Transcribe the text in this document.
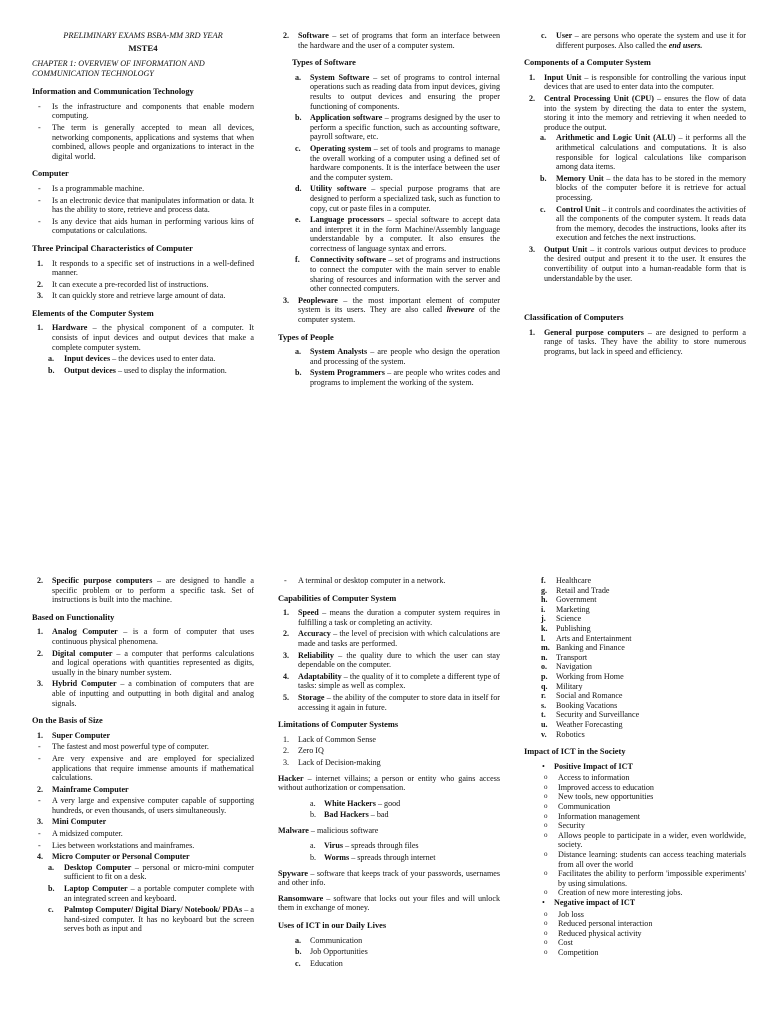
PRELIMINARY EXAMS BSBA-MM 3RD YEAR
MSTE4
CHAPTER 1: OVERVIEW OF INFORMATION AND COMMUNICATION TECHNOLOGY
Information and Communication Technology
- Is the infrastructure and components that enable modern computing.
- The term is generally accepted to mean all devices, networking components, applications and systems that when combined, allows people and organizations to interact in the digital world.
Computer
- Is a programmable machine.
- Is an electronic device that manipulates information or data. It has the ability to store, retrieve and process data.
- Is any device that aids human in performing various kins of computations or calculations.
Three Principal Characteristics of Computer
1. It responds to a specific set of instructions in a well-defined manner.
2. It can execute a pre-recorded list of instructions.
3. It can quickly store and retrieve large amount of data.
Elements of the Computer System
1. Hardware – the physical component of a computer. It consists of input devices and output devices that make a complete computer system.
a. Input devices – the devices used to enter data.
b. Output devices – used to display the information.
2. Software – set of programs that form an interface between the hardware and the user of a computer system.
Types of Software
a. System Software – set of programs to control internal operations such as reading data from input devices, giving results to output devices and ensuring the proper functioning of components.
b. Application software – programs designed by the user to perform a specific function, such as accounting software, payroll software, etc.
c. Operating system – set of tools and programs to manage the overall working of a computer using a defined set of hardware components. It is the interface between the user and the computer system.
d. Utility software – special purpose programs that are designed to perform a specialized task, such as function to copy, cut or paste files in a computer.
e. Language processors – special software to accept data and interpret it in the form Machine/Assembly language understandable by a computer. It also ensures the correctness of language syntax and errors.
f. Connectivity software – set of programs and instructions to connect the computer with the main server to enable sharing of resources and information with the server and other connected computers.
3. Peopleware – the most important element of computer system is its users. They are also called liveware of the computer system.
Types of People
a. System Analysts – are people who design the operation and processing of the system.
b. System Programmers – are people who writes codes and programs to implement the working of the system.
c. User – are persons who operate the system and use it for different purposes. Also called the end users.
Components of a Computer System
1. Input Unit – is responsible for controlling the various input devices that are used to enter data into the computer.
2. Central Processing Unit (CPU) – ensures the flow of data into the system by directing the data to enter the system, storing it into the memory and retrieving it when needed to produce the output.
a. Arithmetic and Logic Unit (ALU) – it performs all the arithmetical calculations and computations. It is also responsible for logical calculations like comparison among data items.
b. Memory Unit – the data has to be stored in the memory blocks of the computer before it is retrieve for actual processing.
c. Control Unit – it controls and coordinates the activities of all the components of the computer system. It reads data from the memory, decodes the instructions, looks after its execution and fetches the next instructions.
3. Output Unit – it controls various output devices to produce the desired output and present it to the user. It ensures the convertibility of output into a human-readable form that is understandable by the user.
Classification of Computers
1. General purpose computers – are designed to perform a range of tasks. They have the ability to store numerous programs, but lack in speed and efficiency.
2. Specific purpose computers – are designed to handle a specific problem or to perform a specific task. Set of instructions is built into the machine.
Based on Functionality
1. Analog Computer – is a form of computer that uses continuous physical phenomena.
2. Digital computer – a computer that performs calculations and logical operations with quantities represented as digits, usually in the binary number system.
3. Hybrid Computer – a combination of computers that are able of inputting and outputting in both digital and analog signals.
On the Basis of Size
1. Super Computer
- The fastest and most powerful type of computer.
- Are very expensive and are employed for specialized applications that require immense amounts if mathematical calculations.
2. Mainframe Computer
- A very large and expensive computer capable of supporting hundreds, or even thousands, of users simultaneously.
3. Mini Computer
- A midsized computer.
- Lies between workstations and mainframes.
4. Micro Computer or Personal Computer
a. Desktop Computer – personal or micro-mini computer sufficient to fit on a desk.
b. Laptop Computer – a portable computer complete with an integrated screen and keyboard.
c. Palmtop Computer/ Digital Diary/ Notebook/ PDAs – a hand-sized computer. It has no keyboard but the screen serves both as input and
- A terminal or desktop computer in a network.
Capabilities of Computer System
1. Speed – means the duration a computer system requires in fulfilling a task or completing an activity.
2. Accuracy – the level of precision with which calculations are made and tasks are performed.
3. Reliability – the quality dure to which the user can stay dependable on the computer.
4. Adaptability – the quality of it to complete a different type of tasks: simple as well as complex.
5. Storage – the ability of the computer to store data in itself for accessing it again in future.
Limitations of Computer Systems
1. Lack of Common Sense
2. Zero IQ
3. Lack of Decision-making

Hacker – internet villains; a person or entity who gains access without authorization or compensation.

a. White Hackers – good
b. Bad Hackers – bad

Malware – malicious software

a. Virus – spreads through files
b. Worms – spreads through internet

Spyware – software that keeps track of your passwords, usernames and other info.

Ransomware – software that locks out your files and will unlock them in exchange of money.

Uses of ICT in our Daily Lives
a. Communication
b. Job Opportunities
c. Education
f. Healthcare
g. Retail and Trade
h. Government
i. Marketing
j. Science
k. Publishing
l. Arts and Entertainment
m. Banking and Finance
n. Transport
o. Navigation
p. Working from Home
q. Military
r. Social and Romance
s. Booking Vacations
t. Security and Surveillance
u. Weather Forecasting
v. Robotics
Impact of ICT in the Society
• Positive Impact of ICT
o Access to information
o Improved access to education
o New tools, new opportunities
o Communication
o Information management
o Security
o Allows people to participate in a wider, even worldwide, society.
o Distance learning: students can access teaching materials from all over the world
o Facilitates the ability to perform 'impossible experiments' by using simulations.
o Creation of new more interesting jobs.
• Negative impact of ICT
o Job loss
o Reduced personal interaction
o Reduced physical activity
o Cost
o Competition
